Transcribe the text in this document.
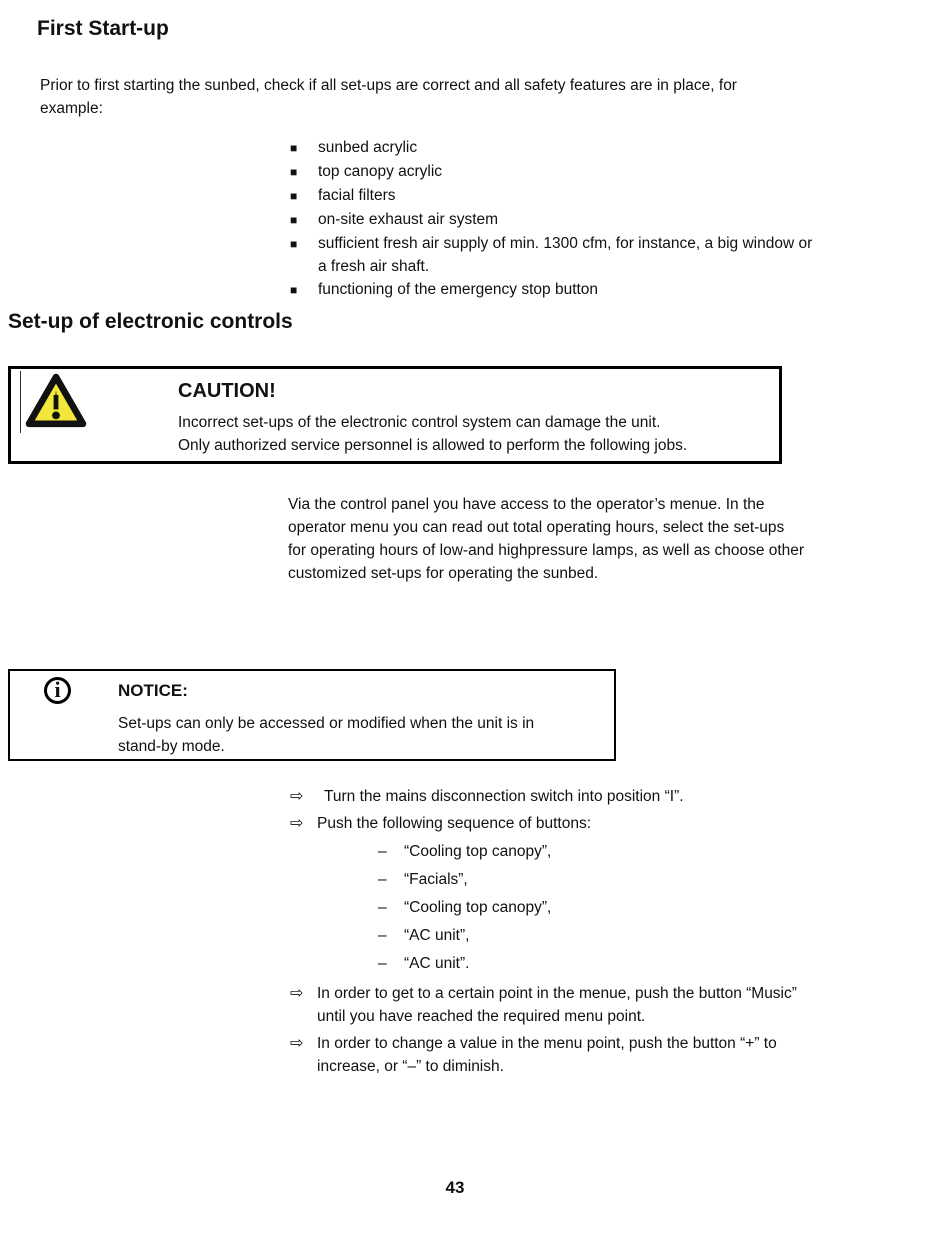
First Start-up
Prior to first starting the sunbed, check if all set-ups are correct and all safety features are in place, for
example:
■	sunbed acrylic
■	top canopy acrylic
■	facial filters
■	on-site exhaust air system
■	sufficient fresh air supply of min. 1300 cfm, for instance, a big window or
a fresh air shaft.
■	functioning of the emergency stop button
Set-up of electronic controls
CAUTION!
Incorrect set-ups of the electronic control system can damage the unit.
Only authorized service personnel is allowed to perform the following jobs.
Via the control panel you have access to the operator’s menue. In the
operator menu you can read out total operating hours, select the set-ups
for operating hours of low-and highpressure lamps, as well as choose other
customized set-ups for operating the sunbed.
i	NOTICE:
Set-ups can only be accessed or modified when the unit is in
stand-by mode.
⇨	Turn the mains disconnection switch into position “I”.
⇨ Push the following sequence of buttons:
–	“Cooling top canopy”,
–	“Facials”,
–	“Cooling top canopy”,
–	“AC unit”,
–	“AC unit”.
⇨ In order to get to a certain point in the menue, push the button “Music”
until you have reached the required menu point.
⇨ In order to change a value in the menu point, push the button “+” to
increase, or “–” to diminish.
43
